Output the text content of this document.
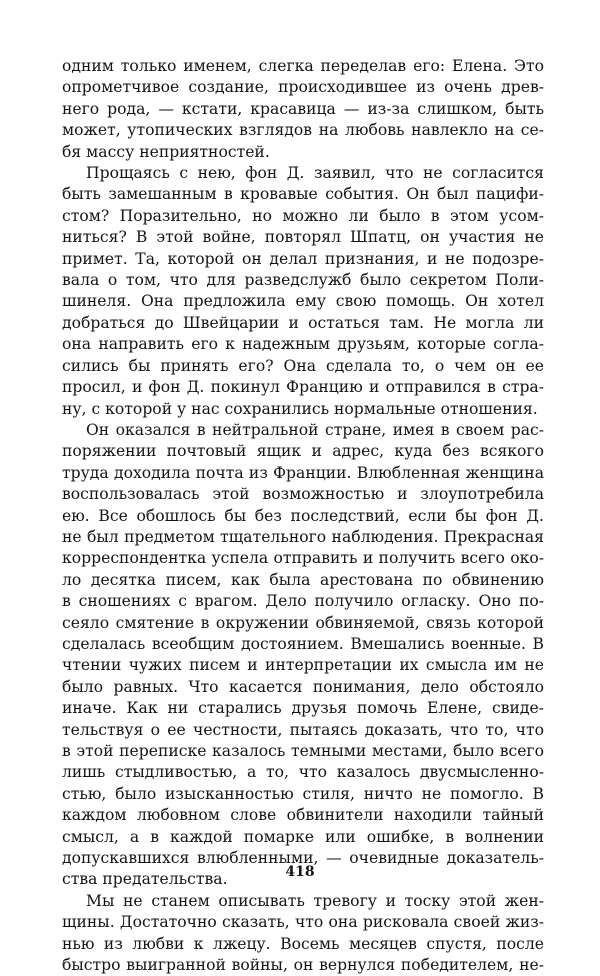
одним только именем, слегка переделав его: Елена. Это
опрометчивое создание, происходившее из очень древ-
него рода, — кстати, красавица — из-за слишком, быть
может, утопических взглядов на любовь навлекло на се-
бя массу неприятностей.
Прощаясь с нею, фон Д. заявил, что не согласится
быть замешанным в кровавые события. Он был пацифи-
стом? Поразительно, но можно ли было в этом усом-
ниться? В этой войне, повторял Шпатц, он участия не
примет. Та, которой он делал признания, и не подозре-
вала о том, что для разведслужб было секретом Поли-
шинеля. Она предложила ему свою помощь. Он хотел
добраться до Швейцарии и остаться там. Не могла ли
она направить его к надежным друзьям, которые согла-
сились бы принять его? Она сделала то, о чем он ее
просил, и фон Д. покинул Францию и отправился в стра-
ну, с которой у нас сохранились нормальные отношения.
Он оказался в нейтральной стране, имея в своем рас-
поряжении почтовый ящик и адрес, куда без всякого
труда доходила почта из Франции. Влюбленная женщина
воспользовалась этой возможностью и злоупотребила
ею. Все обошлось бы без последствий, если бы фон Д.
не был предметом тщательного наблюдения. Прекрасная
корреспондентка успела отправить и получить всего око-
ло десятка писем, как была арестована по обвинению
в сношениях с врагом. Дело получило огласку. Оно по-
сеяло смятение в окружении обвиняемой, связь которой
сделалась всеобщим достоянием. Вмешались военные. В
чтении чужих писем и интерпретации их смысла им не
было равных. Что касается понимания, дело обстояло
иначе. Как ни старались друзья помочь Елене, свиде-
тельствуя о ее честности, пытаясь доказать, что то, что
в этой переписке казалось темными местами, было всего
лишь стыдливостью, а то, что казалось двусмысленно-
стью, было изысканностью стиля, ничто не помогло. В
каждом любовном слове обвинители находили тайный
смысл, а в каждой помарке или ошибке, в волнении
допускавшихся влюбленными, — очевидные доказатель-
ства предательства.
Мы не станем описывать тревогу и тоску этой жен-
щины. Достаточно сказать, что она рисковала своей жиз-
нью из любви к лжецу. Восемь месяцев спустя, после
быстро выигранной войны, он вернулся победителем, не-
418
